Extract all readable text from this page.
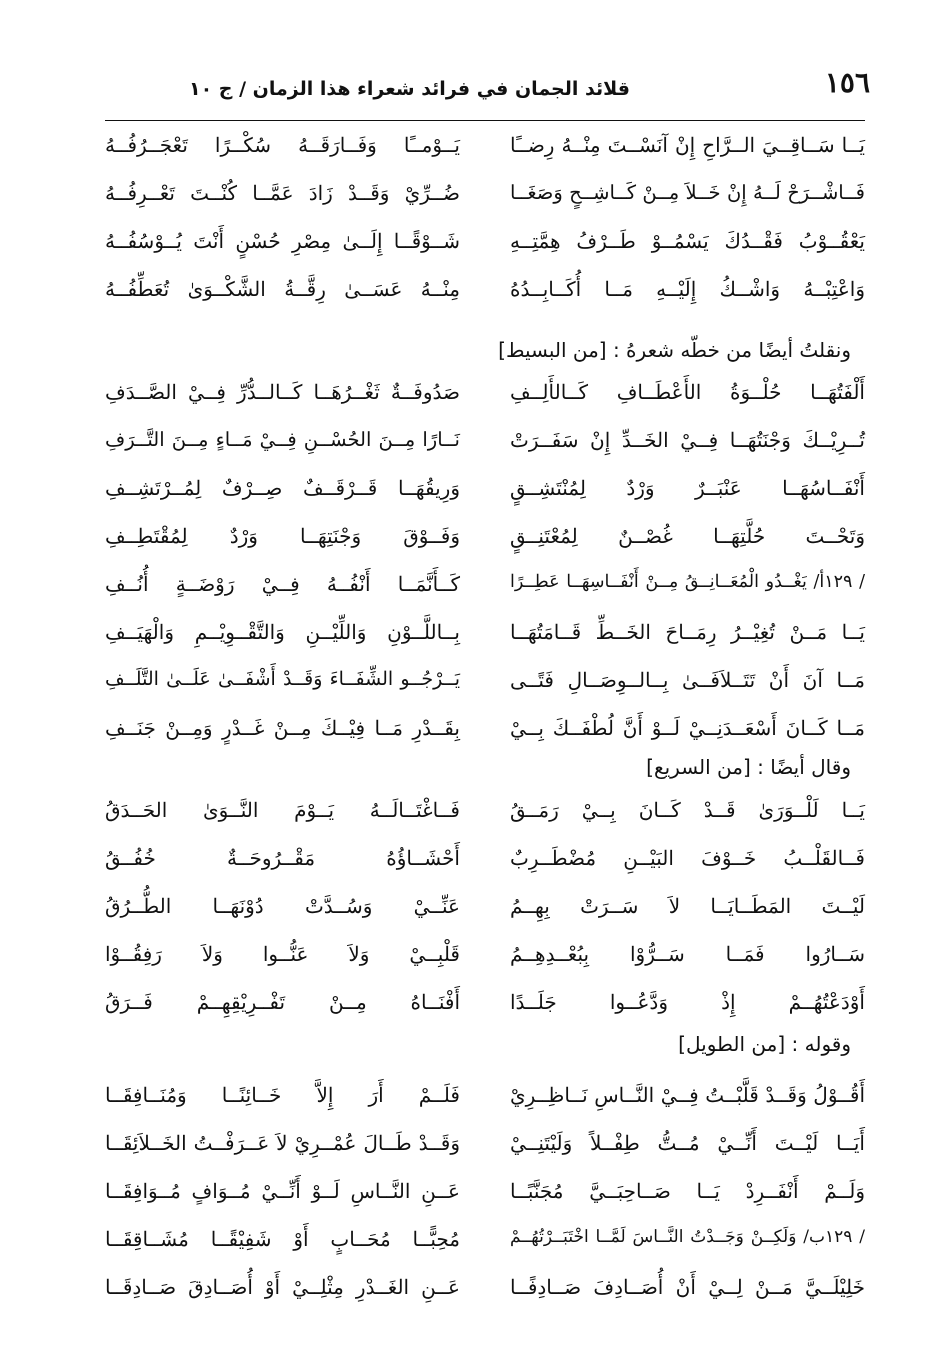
١٥٦
قلائد الجمان في فرائد شعراء هذا الزمان / ج ١٠
يَــا سَــاقِــيَ الــرَّاحِ إِنْ آنَسْــتَ مِنْــهُ رِضــًا
يَــوْمــًا وَفَــارَقَــهُ سُكْــرًا تَعْجَــرُفُــهُ
فَــاشْــرَحْ لَــهُ إِنْ خَــلاَ مِــنْ كَــاشِــحٍ وَصَغَــا
ضُــرِّيْ وَقَــدْ زَادَ عَمَّــا كُنْــتَ تَعْــرِفُــهُ
يَعْقُــوْبُ فَقْــدُكَ يَسْمُــوْ طَــرْفُ هِمَّتِــهِ
شَــوْقًــا إِلَــىٰ مِصْرِ حُسْنٍ أَنْتَ يُــوْسُفُــهُ
وَاعْتِبْــهُ وَاشْــكُ إِلَيْــهِ مَــا أُكَــابِــدُهُ
مِنْــهُ عَسَــىٰ رِقَّــةُ الشَّكْــوَىٰ تُعَطِّفُــهُ
ونقلتُ أيضًا من خطّه شعرهُ : [من البسيط]
أَلْفَتُهَــا حُلْــوَةُ الأَعْطَــافِ كَــالأَلِــفِ
صَدُوفَــةٌ ثَغْــرُهَــا كَــالــدُّرِّ فِــيْ الصَّــدَفِ
تُــرِيْــكَ وَجْنَتُهَــا فِــيْ الخَــدِّ إِنْ سَفَــرَتْ
نَــارًا مِــنَ الحُسْــنِ فِــيْ مَــاءٍ مِــنَ التَّــرَفِ
أَنْفَــاسُهَــا عَنْبَــرٌ وَرْدٌ لِمُنْتَشِــقٍ
وَرِيقُهَــا قَــرْقَــفٌ صِــرْفٌ لِمُــرْتَشِــفِ
وَتَحْــتَ حُلَّتِهَــا غُصْــنٌ لِمُعْتَنِــقٍ
وَفَــوْقَ وَجْنَتِهَــا وَرْدٌ لِمُقْتَطِــفِ
/ ١٢٩أ/ يَغْــدُو الْمُعَــانِــقُ مِــنْ أَنْفَــاسِهَــا عَطِــرًا
كَــأَنَّمَــا أَنْفُــهُ فِــيْ رَوْضَــةٍ أُنُــفِ
يَــا مَــنْ تُغِيْــرُ رِمَــاحَ الخَــطِّ قَــامَتُهَــا
بِــاللَّــوْنِ وَاللِّيْــنِ وَالتَّقْــوِيْــمِ وَالْهَيَــفِ
مَــا آنَ أَنْ تَتَــلاَفَــىٰ بِــالــوِصَــالِ فَتًــى
يَــرْجُــو الشِّفَــاءَ وَقَــدْ أَشْفَــىٰ عَلَــىٰ التَّلَــفِ
مَــا كَــانَ أَسْعَــدَنِــيْ لَــوْ أَنَّ لُطْفَــكَ بِــيْ
بِقَــدْرِ مَــا فِيْــكَ مِــنْ غَــدْرٍ وَمِــنْ جَنَــفِ
وقال أيضًا : [من السريع]
يَــا لَلْــوَرَىٰ قَــدْ كَــانَ بِــيْ رَمَــقُ
فَــاغْتَــالَــهُ يَــوْمَ النَّــوَىٰ الحَــدَقُ
فَــالقَلْــبُ خَــوْفَ البَيْــنِ مُضْطَــرِبٌ
أَحْشَــاؤُهُ مَقْــرُوحَــةٌ خُفُــقُ
لَيْــتَ المَطَــايَــا لاَ سَــرَتْ بِهِــمُ
عَنِّــيْ وَسُــدَّتْ دُوْنَهَــا الطُّــرُقُ
سَــارُوا فَمَــا سَــرُّوْا بِبُعْــدِهِــمُ
قَلْبِــيْ وَلاَ عَنُّــوا وَلاَ رَفِقُــوْا
أَوْدَعْتُهُــمْ إِذْ وَدَّعُــوا جَلَــدًا
أَفْنَــاهُ مِــنْ تَفْــرِيْقِهِــمْ فَــرَقُ
وقوله : [من الطويل]
أَقُــوْلُ وَقَــدْ قَلَّبْــتُ فِــيْ النَّــاسِ نَــاظِــرِيْ
فَلَــمْ أَرَ إِلاَّ خَــائِنًــا وَمُنَــافِقَــا
أَيَــا لَيْــتَ أَنِّــيْ مُــتُّ طِفْــلاً وَلَيْتَنِــيْ
وَقَــدْ طَــالَ عُمْــرِيْ لاَ عَــرَفْــتُ الخَــلاَئِقَــا
وَلَــمْ أَنْفَــرِدْ يَــا صَــاحِبَــيَّ مُجَنَّبًــا
عَــنِ النَّــاسِ لَــوْ أَنِّــيْ مُــوَافٍ مُــوَافِقَــا
/ ١٢٩ب/ وَلَكِــنْ وَجَــدْتُ النَّــاسَ لَمَّــا اخْتَبَــرْتُهُــمْ
مُحِبًّــا مُحَــابٍ أَوْ شَفِيْقًــا مُشَــاقِقَــا
خَلِيْلَــيَّ مَــنْ لِــيْ أَنْ أُصَــادِفَ صَــادِفًــا
عَــنِ الغَــدْرِ مِثْلِــيْ أَوْ أُصَــادِقَ صَــادِقَــا
